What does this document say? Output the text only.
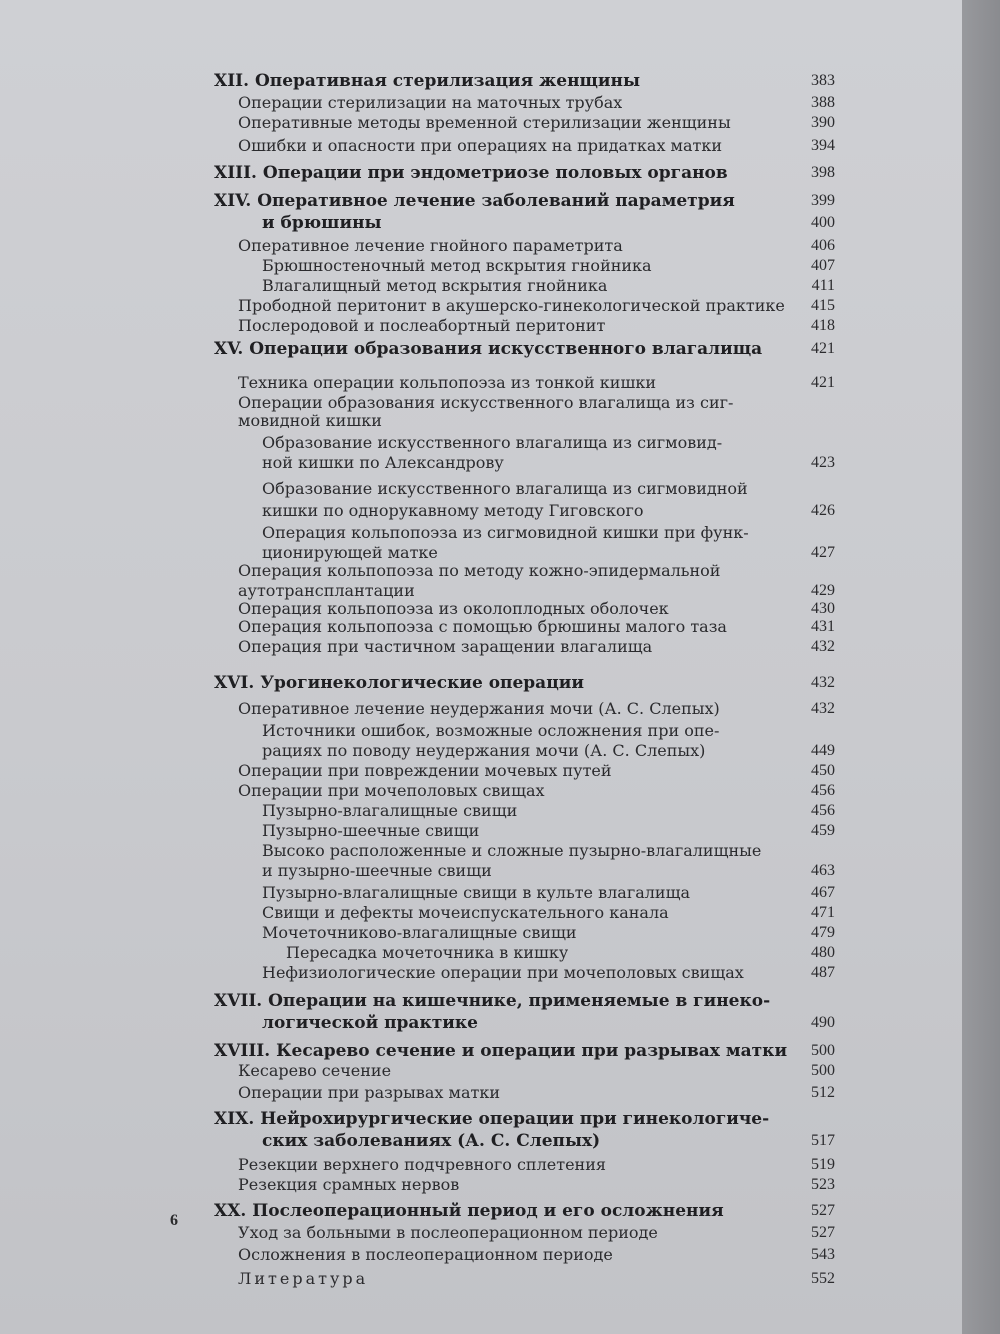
XII. Оперативная стерилизация женщины	383
Операции стерилизации на маточных трубах	388
Оперативные методы временной стерилизации женщины	390
Ошибки и опасности при операциях на придатках матки	394
XIII. Операции при эндометриозе половых органов	398
XIV. Оперативное лечение заболеваний параметрия	399
и брюшины	400
Оперативное лечение гнойного параметрита	406
Брюшностеночный метод вскрытия гнойника	407
Влагалищный метод вскрытия гнойника	411
Прободной перитонит в акушерско-гинекологической практике	415
Послеродовой и послеабортный перитонит	418
XV. Операции образования искусственного влагалища	421
Техника операции кольпопоэза из тонкой кишки	421
Операции образования искусственного влагалища из сиг-
мовидной кишки
Образование искусственного влагалища из сигмовид-
ной кишки по Александрову	423
Образование искусственного влагалища из сигмовидной
кишки по однорукавному методу Гиговского	426
Операция кольпопоэза из сигмовидной кишки при функ-
ционирующей матке	427
Операция кольпопоэза по методу кожно-эпидермальной
аутотрансплантации	429
Операция кольпопоэза из околоплодных оболочек	430
Операция кольпопоэза с помощью брюшины малого таза	431
Операция при частичном заращении влагалища	432
XVI. Урогинекологические операции	432
Оперативное лечение неудержания мочи (А. С. Слепых)	432
Источники ошибок, возможные осложнения при опе-
рациях по поводу неудержания мочи (А. С. Слепых)	449
Операции при повреждении мочевых путей	450
Операции при мочеполовых свищах	456
Пузырно-влагалищные свищи	456
Пузырно-шеечные свищи	459
Высоко расположенные и сложные пузырно-влагалищные
и пузырно-шеечные свищи	463
Пузырно-влагалищные свищи в культе влагалища	467
Свищи и дефекты мочеиспускательного канала	471
Мочеточниково-влагалищные свищи	479
Пересадка мочеточника в кишку	480
Нефизиологические операции при мочеполовых свищах	487
XVII. Операции на кишечнике, применяемые в гинеко-
логической практике	490
XVIII. Кесарево сечение и операции при разрывах матки	500
Кесарево сечение	500
Операции при разрывах матки	512
XIX. Нейрохирургические операции при гинекологиче-
ских заболеваниях (А. С. Слепых)	517
Резекции верхнего подчревного сплетения	519
Резекция срамных нервов	523
XX. Послеоперационный период и его осложнения	527
Уход за больными в послеоперационном периоде	527
Осложнения в послеоперационном периоде	543
Литература	552
6
